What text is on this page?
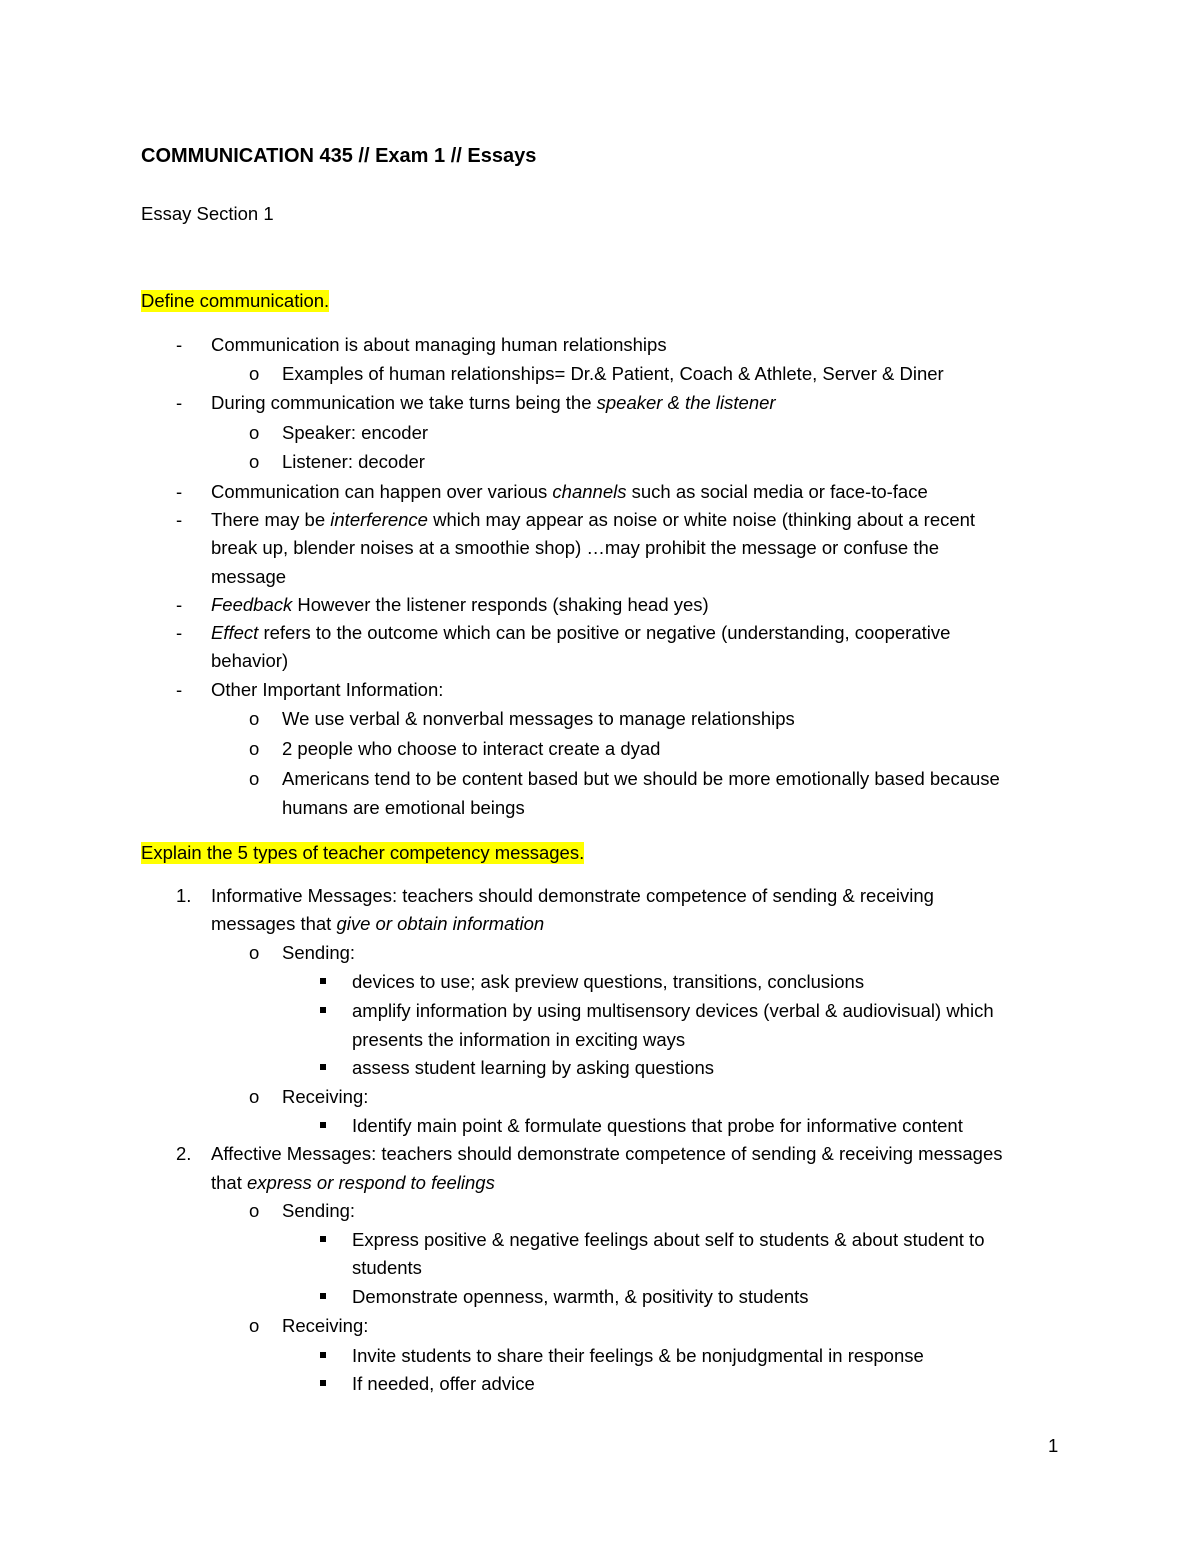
COMMUNICATION 435 // Exam 1 // Essays
Essay Section 1
Define communication.
- Communication is about managing human relationships
o Examples of human relationships= Dr.& Patient, Coach & Athlete, Server & Diner
- During communication we take turns being the speaker & the listener
o Speaker: encoder
o Listener: decoder
- Communication can happen over various channels such as social media or face-to-face
- There may be interference which may appear as noise or white noise (thinking about a recent
break up, blender noises at a smoothie shop) …may prohibit the message or confuse the
message
- Feedback However the listener responds (shaking head yes)
- Effect refers to the outcome which can be positive or negative (understanding, cooperative
behavior)
- Other Important Information:
o We use verbal & nonverbal messages to manage relationships
o 2 people who choose to interact create a dyad
o Americans tend to be content based but we should be more emotionally based because
humans are emotional beings
Explain the 5 types of teacher competency messages.
1. Informative Messages: teachers should demonstrate competence of sending & receiving
messages that give or obtain information
o Sending:
devices to use; ask preview questions, transitions, conclusions
amplify information by using multisensory devices (verbal & audiovisual) which
presents the information in exciting ways
assess student learning by asking questions
o Receiving:
Identify main point & formulate questions that probe for informative content
2. Affective Messages: teachers should demonstrate competence of sending & receiving messages
that express or respond to feelings
o Sending:
Express positive & negative feelings about self to students & about student to
students
Demonstrate openness, warmth, & positivity to students
o Receiving:
Invite students to share their feelings & be nonjudgmental in response
If needed, offer advice
1
